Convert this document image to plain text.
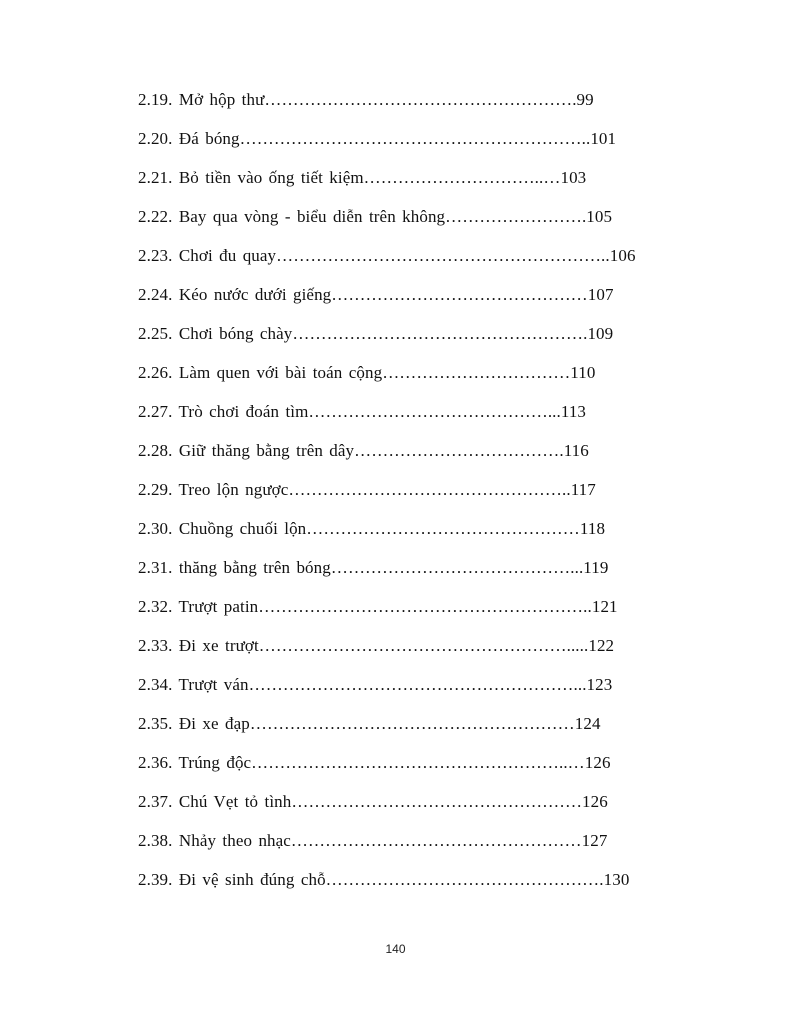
2.19. Mở hộp thư……………………………………………….99
2.20. Đá bóng……………………………………………………..101
2.21. Bỏ tiền vào ống tiết kiệm…………………………..…103
2.22. Bay qua vòng - biểu diễn trên không…………………….105
2.23. Chơi đu quay…………………………………………………..106
2.24. Kéo nước dưới giếng………………………………………107
2.25. Chơi bóng chày…………………………………………….109
2.26. Làm quen với bài toán cộng……………………………110
2.27. Trò chơi đoán tìm……………………………………...113
2.28. Giữ thăng bằng trên dây……………………………….116
2.29. Treo lộn ngược…………………………………………..117
2.30. Chuồng chuối lộn…………………………………………118
2.31. thăng bằng trên bóng……………………………………...119
2.32. Trượt patin…………………………………………………..121
2.33. Đi xe trượt……………………………………………….....122
2.34. Trượt ván…………………………………………………...123
2.35. Đi xe đạp…………………………………………………124
2.36. Trúng độc………………………………………………..…126
2.37. Chú Vẹt tỏ tình……………………………………………126
2.38. Nhảy theo nhạc……………………………………………127
2.39. Đi vệ sinh đúng chỗ………………………………………….130
140
